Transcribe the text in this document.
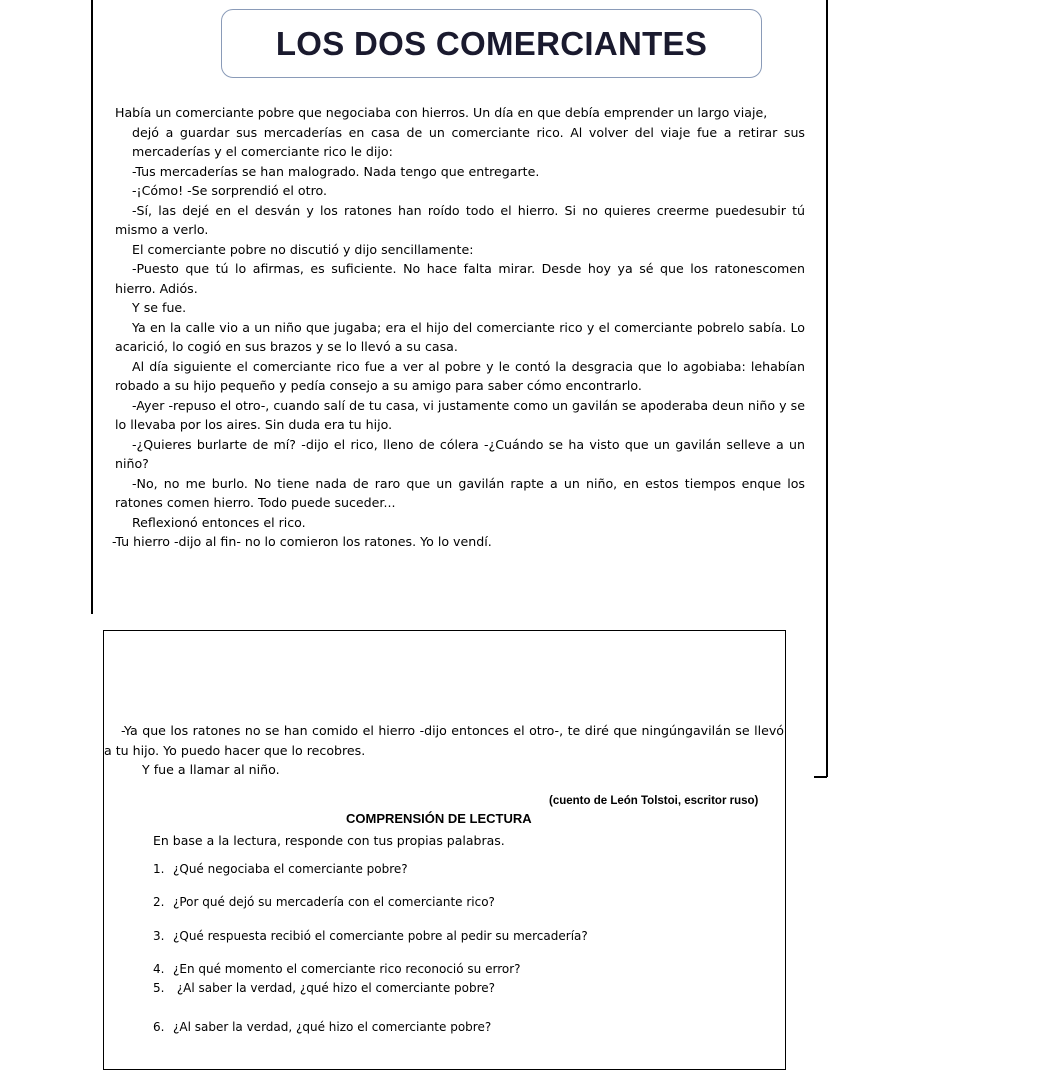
LOS DOS COMERCIANTES

Había un comerciante pobre que negociaba con hierros. Un día en que debía emprender un largo viaje,

dejó a guardar sus mercaderías en casa de un comerciante rico. Al volver del viaje fue a retirar sus mercaderías y el comerciante rico le dijo:

-Tus mercaderías se han malogrado. Nada tengo que entregarte.

-¡Cómo! -Se sorprendió el otro.

-Sí, las dejé en el desván y los ratones han roído todo el hierro. Si no quieres creerme puedesubir tú mismo a verlo.

El comerciante pobre no discutió y dijo sencillamente:

-Puesto que tú lo afirmas, es suficiente. No hace falta mirar. Desde hoy ya sé que los ratonescomen hierro. Adiós.

Y se fue.

Ya en la calle vio a un niño que jugaba; era el hijo del comerciante rico y el comerciante pobrelo sabía. Lo acarició, lo cogió en sus brazos y se lo llevó a su casa.

Al día siguiente el comerciante rico fue a ver al pobre y le contó la desgracia que lo agobiaba: lehabían robado a su hijo pequeño y pedía consejo a su amigo para saber cómo encontrarlo.

-Ayer -repuso el otro-, cuando salí de tu casa, vi justamente como un gavilán se apoderaba deun niño y se lo llevaba por los aires. Sin duda era tu hijo.

-¿Quieres burlarte de mí? -dijo el rico, lleno de cólera -¿Cuándo se ha visto que un gavilán selleve a un niño?

-No, no me burlo. No tiene nada de raro que un gavilán rapte a un niño, en estos tiempos enque los ratones comen hierro. Todo puede suceder...

Reflexionó entonces el rico.

-Tu hierro -dijo al fin- no lo comieron los ratones. Yo lo vendí.

-Ya que los ratones no se han comido el hierro -dijo entonces el otro-, te diré que ningúngavilán se llevó a tu hijo. Yo puedo hacer que lo recobres.

Y fue a llamar al niño.

(cuento de León Tolstoi, escritor ruso)
COMPRENSIÓN DE LECTURA
En base a la lectura, responde con tus propias palabras.
1. ¿Qué negociaba el comerciante pobre?
2. ¿Por qué dejó su mercadería con el comerciante rico?
3. ¿Qué respuesta recibió el comerciante pobre al pedir su mercadería?
4. ¿En qué momento el comerciante rico reconoció su error?
5. ¿Al saber la verdad, ¿qué hizo el comerciante pobre?
6. ¿Al saber la verdad, ¿qué hizo el comerciante pobre?
